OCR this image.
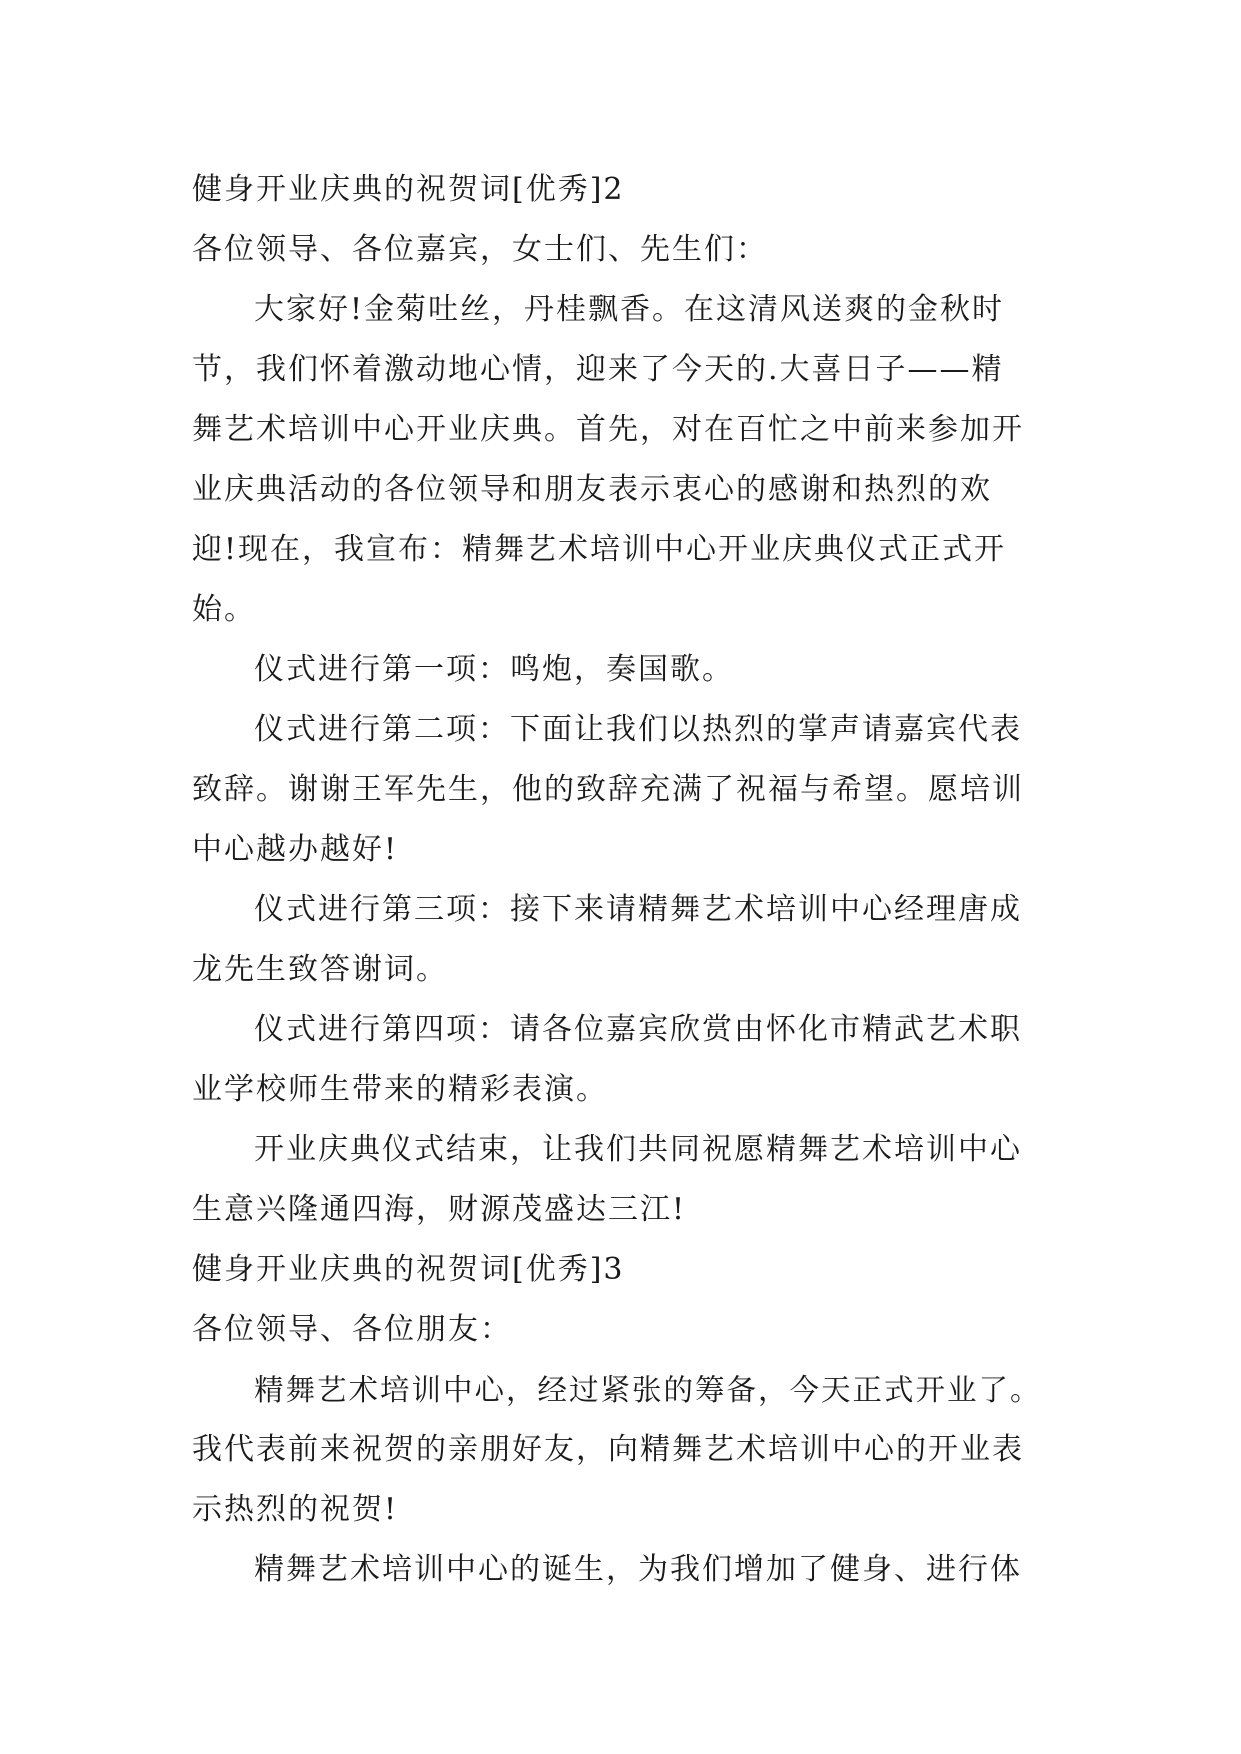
健身开业庆典的祝贺词[优秀]2

各位领导、各位嘉宾，女士们、先生们：

大家好!金菊吐丝，丹桂飘香。在这清风送爽的金秋时

节，我们怀着激动地心情，迎来了今天的.大喜日子——精

舞艺术培训中心开业庆典。首先，对在百忙之中前来参加开

业庆典活动的各位领导和朋友表示衷心的感谢和热烈的欢

迎!现在，我宣布：精舞艺术培训中心开业庆典仪式正式开

始。

仪式进行第一项：鸣炮，奏国歌。

仪式进行第二项：下面让我们以热烈的掌声请嘉宾代表

致辞。谢谢王军先生，他的致辞充满了祝福与希望。愿培训

中心越办越好!

仪式进行第三项：接下来请精舞艺术培训中心经理唐成

龙先生致答谢词。

仪式进行第四项：请各位嘉宾欣赏由怀化市精武艺术职

业学校师生带来的精彩表演。

开业庆典仪式结束，让我们共同祝愿精舞艺术培训中心

生意兴隆通四海，财源茂盛达三江!

健身开业庆典的祝贺词[优秀]3

各位领导、各位朋友：

精舞艺术培训中心，经过紧张的筹备，今天正式开业了。

我代表前来祝贺的亲朋好友，向精舞艺术培训中心的开业表

示热烈的祝贺!

精舞艺术培训中心的诞生，为我们增加了健身、进行体
